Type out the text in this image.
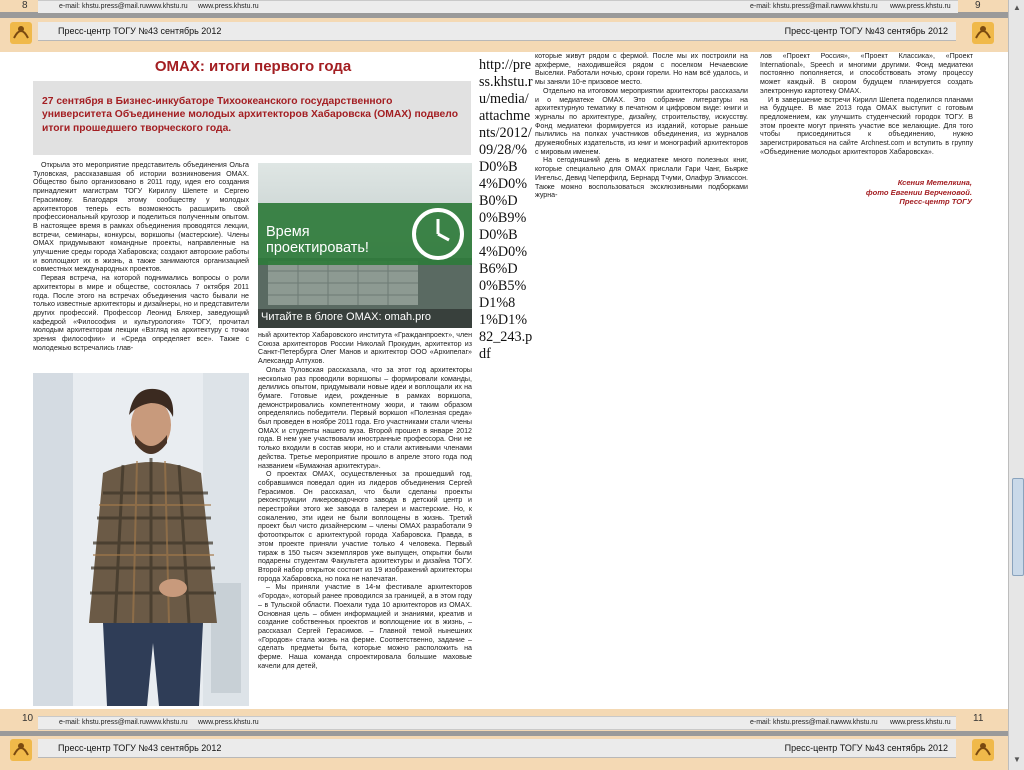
8	9
e-mail: khstu.press@mail.ru www.khstu.ru www.press.khstu.ru	e-mail: khstu.press@mail.ru www.khstu.ru www.press.khstu.ru
Пресс-центр ТОГУ №43 сентябрь 2012	Пресс-центр ТОГУ №43 сентябрь 2012
ОМАХ: итоги первого года
27 сентября в Бизнес-инкубаторе Тихоокеанского государственного университета Объединение молодых архитекторов Хабаровска (ОМАХ) подвело итоги прошедшего творческого года.

Открыла это мероприятие представитель объединения Ольга Туловская, рассказавшая об истории возникновения ОМАХ. Общество было организовано в 2011 году, идея его создания принадлежит магистрам ТОГУ Кириллу Шепете и Сергею Герасимову. Благодаря этому сообществу у молодых архитекторов теперь есть возможность расширить свой профессиональный кругозор и поделиться полученным опытом. В настоящее время в рамках объединения проводятся лекции, встречи, семинары, конкурсы, воркшопы (мастерские). Члены ОМАХ придумывают командные проекты, направленные на улучшение среды города Хабаровска; создают авторские работы и воплощают их в жизнь, а также занимаются организацией совместных международных проектов.

Первая встреча, на которой поднимались вопросы о роли архитекторы в мире и обществе, состоялась 7 октября 2011 года. После этого на встречах объединения часто бывали не только известные архитекторы и дизайнеры, но и представители других профессий. Профессор Леонид Бляхер, заведующий кафедрой «Философия и культурология» ТОГУ, прочитал молодым архитекторам лекции «Взгляд на архитектуру с точки зрения философии» и «Среда определяет все». Также с молодежью встречались глав-

Время
проектировать!
Читайте в блоге ОМАХ: omah.pro

ный архитектор Хабаровского института «Гражданпроект», член Союза архитекторов России Николай Прокудин, архитектор из Санкт-Петербурга Олег Манов и архитектор ООО «Архипелаг» Александр Алтухов.

Ольга Туловская рассказала, что за этот год архитекторы несколько раз проводили воркшопы – формировали команды, делились опытом, придумывали новые идеи и воплощали их на бумаге. Готовые идеи, рожденные в рамках воркшопа, демонстрировались компетентному жюри, и таким образом определялись победители. Первый воркшоп «Полезная среда» был проведен в ноябре 2011 года. Его участниками стали члены ОМАХ и студенты нашего вуза. Второй прошел в январе 2012 года. В нем уже участвовали иностранные профессора. Они не только входили в состав жюри, но и стали активными членами действа. Третье мероприятие прошло в апреле этого года под названием «Бумажная архитектура».

О проектах ОМАХ, осуществленных за прошедший год, собравшимся поведал один из лидеров объединения Сергей Герасимов. Он рассказал, что были сделаны проекты реконструкции ликероводочного завода в детский центр и перестройки этого же завода в галереи и мастерские. Но, к сожалению, эти идеи не были воплощены в жизнь. Третий проект был чисто дизайнерским – члены ОМАХ разработали 9 фотооткрыток с архитектурой города Хабаровска. Правда, в этом проекте приняли участие только 4 человека. Первый тираж в 150 тысяч экземпляров уже выпущен, открытки были подарены студентам Факультета архитектуры и дизайна ТОГУ. Второй набор открыток состоит из 19 изображений архитекторы города Хабаровска, но пока не напечатан.

– Мы приняли участие в 14-м фестивале архитекторов «Города», который ранее проводился за границей, а в этом году – в Тульской области. Поехали туда 10 архитекторов из ОМАХ. Основная цель – обмен информацией и знаниями, креатив и создание собственных проектов и воплощение их в жизнь, – рассказал Сергей Герасимов. – Главной темой нынешних «Городов» стала жизнь на ферме. Соответственно, задание – сделать предметы быта, которые можно расположить на ферме. Наша команда спроектировала большие маховые качели для детей,

http://press.khstu.ru/media/attachments/2012/09/28/%D0%B4%D0%B0%D0%B9%D0%B4%D0%B6%D0%B5%D1%81%D1%82_243.pdf

которые живут рядом с фермой. После мы их построили на архферме, находившейся рядом с поселком Нечаевские Выселки. Работали ночью, сроки горели. Но нам всё удалось, и мы заняли 10-е призовое место.

Отдельно на итоговом мероприятии архитекторы рассказали и о медиатеке ОМАХ. Это собрание литературы на архитектурную тематику в печатном и цифровом виде: книги и журналы по архитектуре, дизайну, строительству, искусству. Фонд медиатеки формируется из изданий, которые раньше пылились на полках участников объединения, из журналов дружеяюбных издательств, из книг и монографий архитекторов с мировым именем.

На сегодняшний день в медиатеке много полезных книг, которые специально для ОМАХ прислали Гари Чанг, Бьярке Ингельс, Девид Чеперфилд, Бернард Тчуми, Олафур Элиассон. Также можно воспользоваться эксклюзивными подборками журна-

лов «Проект Россия», «Проект Классика», «Проект International», Speech и многими другими. Фонд медиатеки постоянно пополняется, и способствовать этому процессу может каждый. В скором будущем планируется создать электронную картотеку ОМАХ.

И в завершение встречи Кирилл Шепета поделился планами на будущее. В мае 2013 года ОМАХ выступит с готовым предложением, как улучшить студенческий городок ТОГУ. В этом проекте могут принять участие все желающие. Для того чтобы присоединиться к объединению, нужно зарегистрироваться на сайте Archnest.com и вступить в группу «Объединение молодых архитекторов Хабаровска».

Ксения Метелкина,
фото Евгении Верченовой.
Пресс-центр ТОГУ
10	11
e-mail: khstu.press@mail.ru www.khstu.ru www.press.khstu.ru	e-mail: khstu.press@mail.ru www.khstu.ru www.press.khstu.ru
Пресс-центр ТОГУ №43 сентябрь 2012	Пресс-центр ТОГУ №43 сентябрь 2012
▲
▼
